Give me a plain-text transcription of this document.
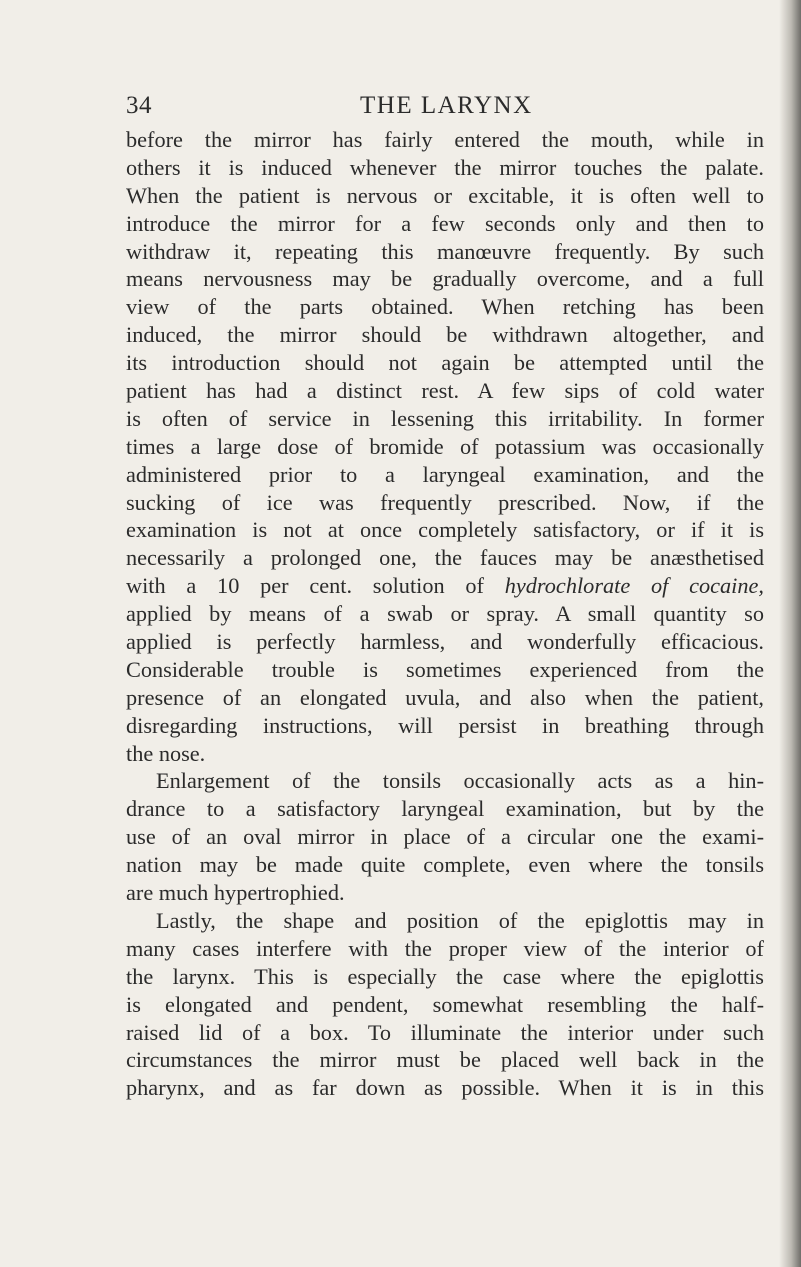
34	THE LARYNX
before the mirror has fairly entered the mouth, while in
others it is induced whenever the mirror touches the palate.
When the patient is nervous or excitable, it is often well to
introduce the mirror for a few seconds only and then to
withdraw it, repeating this manœuvre frequently. By such
means nervousness may be gradually overcome, and a full
view of the parts obtained. When retching has been
induced, the mirror should be withdrawn altogether, and
its introduction should not again be attempted until the
patient has had a distinct rest. A few sips of cold water
is often of service in lessening this irritability. In former
times a large dose of bromide of potassium was occasionally
administered prior to a laryngeal examination, and the
sucking of ice was frequently prescribed. Now, if the
examination is not at once completely satisfactory, or if it is
necessarily a prolonged one, the fauces may be anæsthetised
with a 10 per cent. solution of hydrochlorate of cocaine,
applied by means of a swab or spray. A small quantity so
applied is perfectly harmless, and wonderfully efficacious.
Considerable trouble is sometimes experienced from the
presence of an elongated uvula, and also when the patient,
disregarding instructions, will persist in breathing through
the nose.
Enlargement of the tonsils occasionally acts as a hin-
drance to a satisfactory laryngeal examination, but by the
use of an oval mirror in place of a circular one the exami-
nation may be made quite complete, even where the tonsils
are much hypertrophied.
Lastly, the shape and position of the epiglottis may in
many cases interfere with the proper view of the interior of
the larynx. This is especially the case where the epiglottis
is elongated and pendent, somewhat resembling the half-
raised lid of a box. To illuminate the interior under such
circumstances the mirror must be placed well back in the
pharynx, and as far down as possible. When it is in this
